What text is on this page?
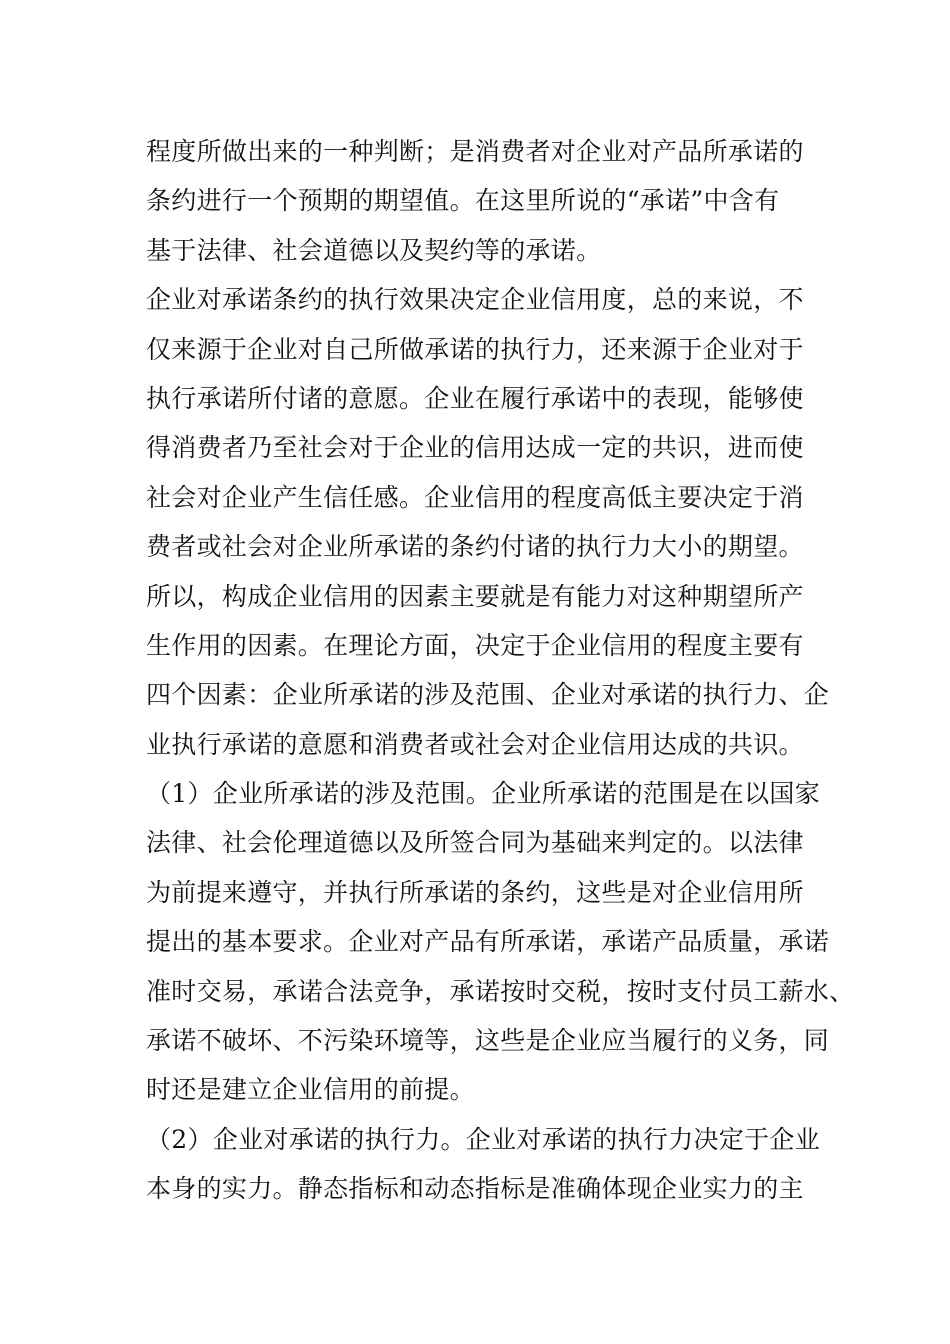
程度所做出来的一种判断；是消费者对企业对产品所承诺的
条约进行一个预期的期望值。在这里所说的“承诺”中含有
基于法律、社会道德以及契约等的承诺。
企业对承诺条约的执行效果决定企业信用度，总的来说，不
仅来源于企业对自己所做承诺的执行力，还来源于企业对于
执行承诺所付诸的意愿。企业在履行承诺中的表现，能够使
得消费者乃至社会对于企业的信用达成一定的共识，进而使
社会对企业产生信任感。企业信用的程度高低主要决定于消
费者或社会对企业所承诺的条约付诸的执行力大小的期望。
所以，构成企业信用的因素主要就是有能力对这种期望所产
生作用的因素。在理论方面，决定于企业信用的程度主要有
四个因素：企业所承诺的涉及范围、企业对承诺的执行力、企
业执行承诺的意愿和消费者或社会对企业信用达成的共识。
（1）企业所承诺的涉及范围。企业所承诺的范围是在以国家
法律、社会伦理道德以及所签合同为基础来判定的。以法律
为前提来遵守，并执行所承诺的条约，这些是对企业信用所
提出的基本要求。企业对产品有所承诺，承诺产品质量，承诺
准时交易，承诺合法竞争，承诺按时交税，按时支付员工薪水、
承诺不破坏、不污染环境等，这些是企业应当履行的义务，同
时还是建立企业信用的前提。
（2）企业对承诺的执行力。企业对承诺的执行力决定于企业
本身的实力。静态指标和动态指标是准确体现企业实力的主
